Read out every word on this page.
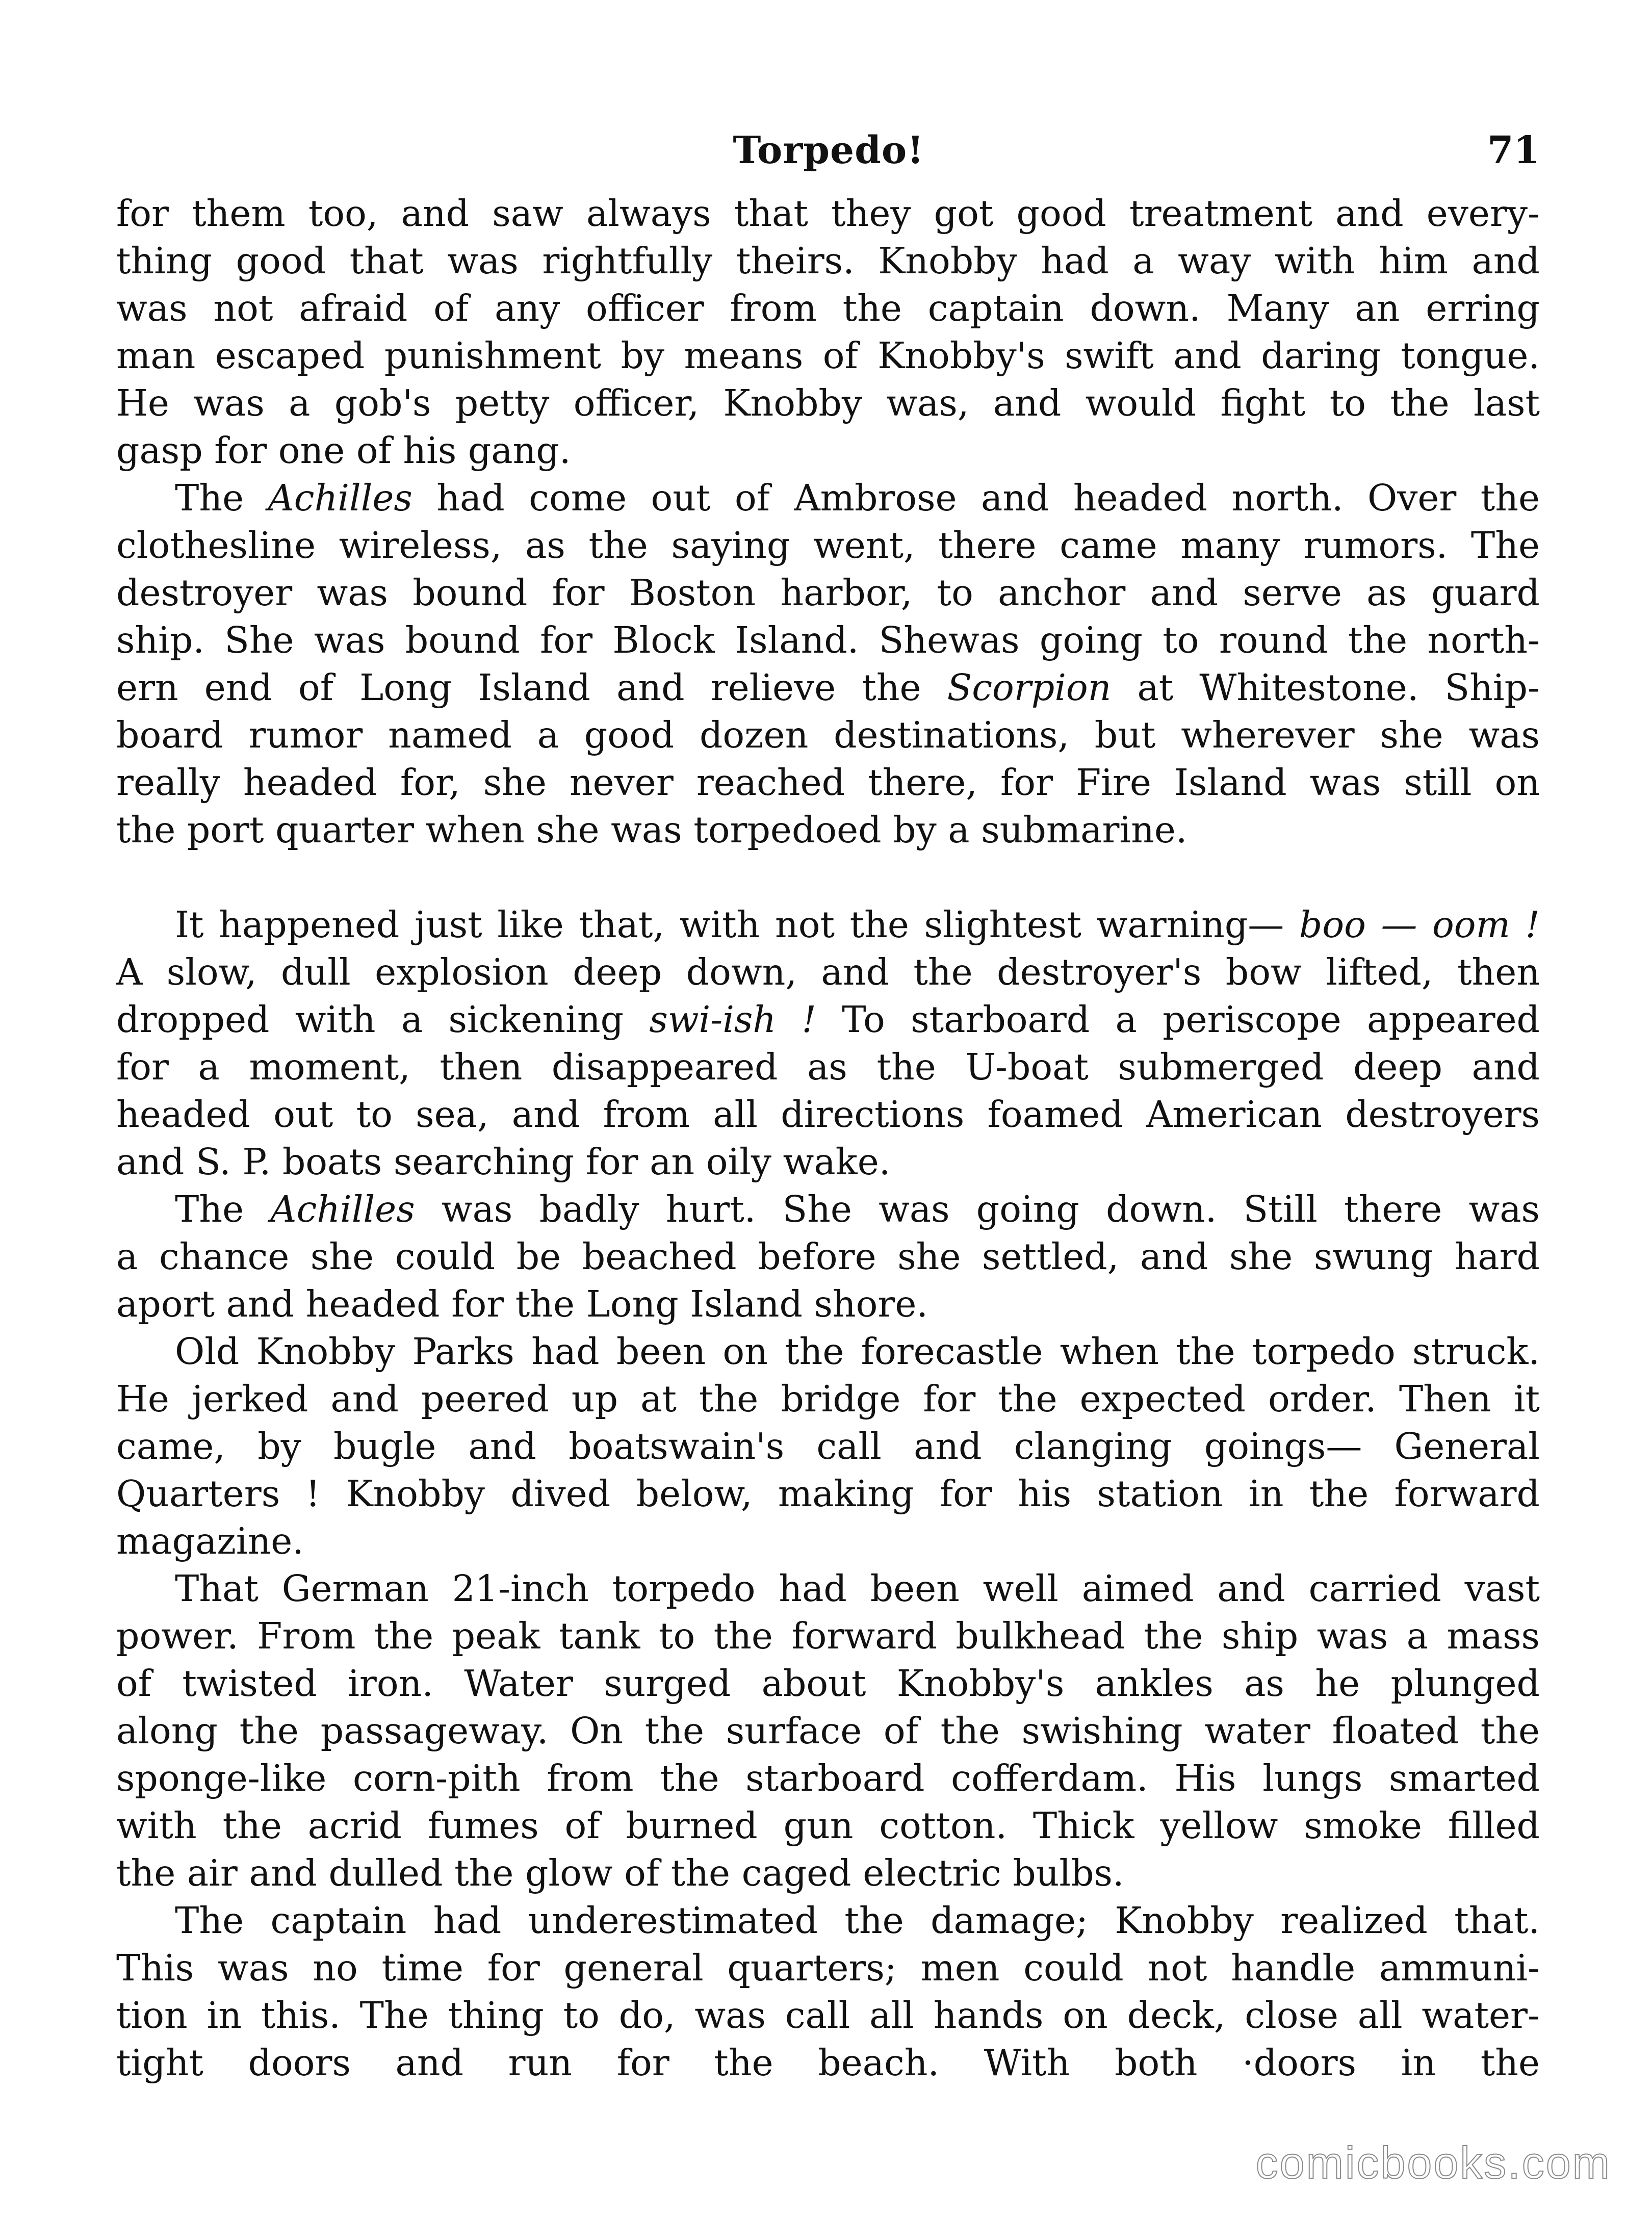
Torpedo!	71
for them too, and saw always that they got good treatment and every-
thing good that was rightfully theirs. Knobby had a way with him and
was not afraid of any officer from the captain down. Many an erring
man escaped punishment by means of Knobby's swift and daring tongue.
He was a gob's petty officer, Knobby was, and would fight to the last
gasp for one of his gang.
The Achilles had come out of Ambrose and headed north. Over the
clothesline wireless, as the saying went, there came many rumors. The
destroyer was bound for Boston harbor, to anchor and serve as guard
ship. She was bound for Block Island. Shewas going to round the north-
ern end of Long Island and relieve the Scorpion at Whitestone. Ship-
board rumor named a good dozen destinations, but wherever she was
really headed for, she never reached there, for Fire Island was still on
the port quarter when she was torpedoed by a submarine.
It happened just like that, with not the slightest warning— boo — oom !
A slow, dull explosion deep down, and the destroyer's bow lifted, then
dropped with a sickening swi-ish ! To starboard a periscope appeared
for a moment, then disappeared as the U-boat submerged deep and
headed out to sea, and from all directions foamed American destroyers
and S. P. boats searching for an oily wake.
The Achilles was badly hurt. She was going down. Still there was
a chance she could be beached before she settled, and she swung hard
aport and headed for the Long Island shore.
Old Knobby Parks had been on the forecastle when the torpedo struck.
He jerked and peered up at the bridge for the expected order. Then it
came, by bugle and boatswain's call and clanging goings— General
Quarters ! Knobby dived below, making for his station in the forward
magazine.
That German 21-inch torpedo had been well aimed and carried vast
power. From the peak tank to the forward bulkhead the ship was a mass
of twisted iron. Water surged about Knobby's ankles as he plunged
along the passageway. On the surface of the swishing water floated the
sponge-like corn-pith from the starboard cofferdam. His lungs smarted
with the acrid fumes of burned gun cotton. Thick yellow smoke filled
the air and dulled the glow of the caged electric bulbs.
The captain had underestimated the damage; Knobby realized that.
This was no time for general quarters; men could not handle ammuni-
tion in this. The thing to do, was call all hands on deck, close all water-
tight doors and run for the beach. With both ·doors in the
comicbooks.com
